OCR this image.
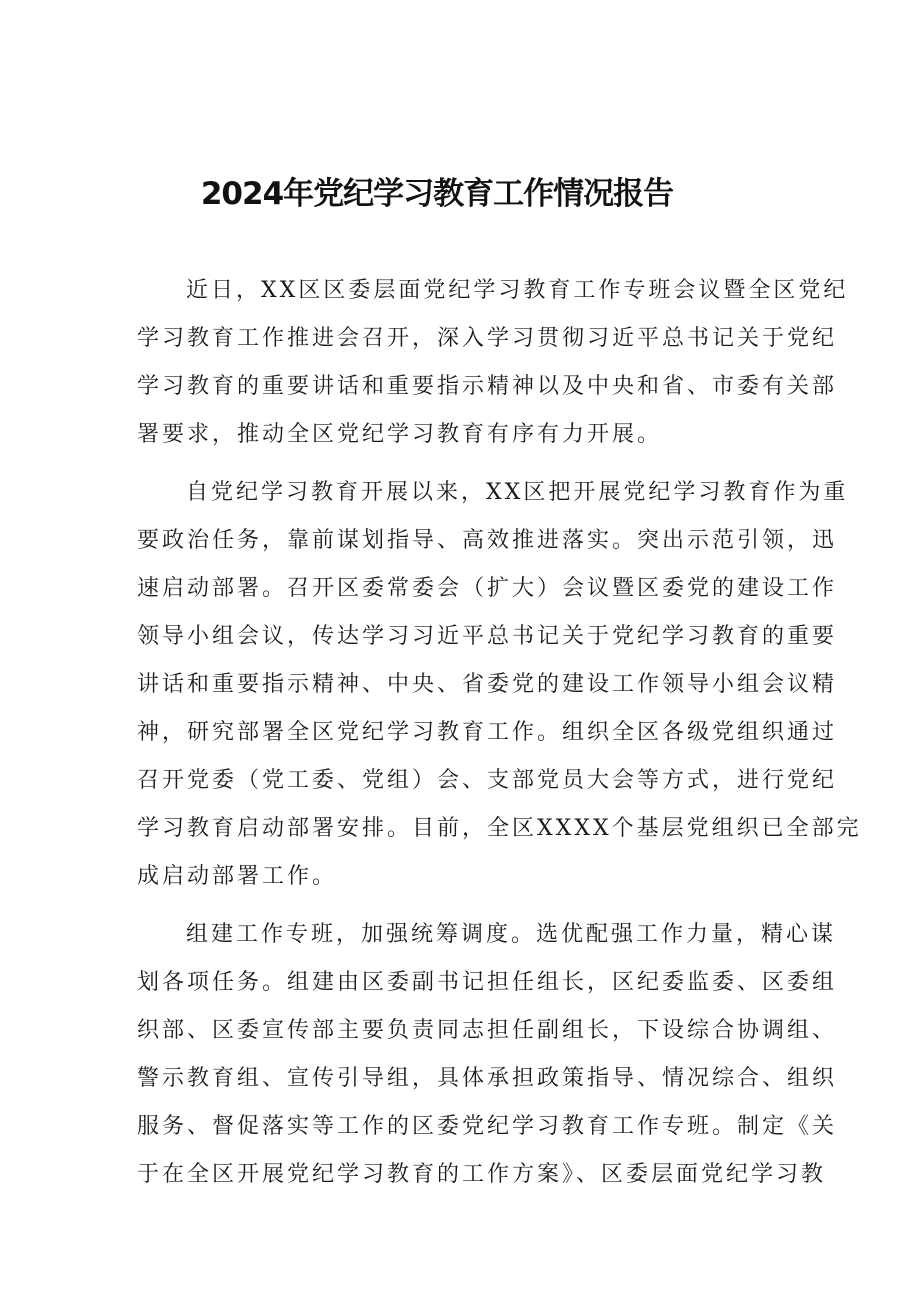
2024年党纪学习教育工作情况报告
近日，XX区区委层面党纪学习教育工作专班会议暨全区党纪
学习教育工作推进会召开，深入学习贯彻习近平总书记关于党纪
学习教育的重要讲话和重要指示精神以及中央和省、市委有关部
署要求，推动全区党纪学习教育有序有力开展。
自党纪学习教育开展以来，XX区把开展党纪学习教育作为重
要政治任务，靠前谋划指导、高效推进落实。突出示范引领，迅
速启动部署。召开区委常委会（扩大）会议暨区委党的建设工作
领导小组会议，传达学习习近平总书记关于党纪学习教育的重要
讲话和重要指示精神、中央、省委党的建设工作领导小组会议精
神，研究部署全区党纪学习教育工作。组织全区各级党组织通过
召开党委（党工委、党组）会、支部党员大会等方式，进行党纪
学习教育启动部署安排。目前，全区XXXX个基层党组织已全部完
成启动部署工作。
组建工作专班，加强统筹调度。选优配强工作力量，精心谋
划各项任务。组建由区委副书记担任组长，区纪委监委、区委组
织部、区委宣传部主要负责同志担任副组长，下设综合协调组、
警示教育组、宣传引导组，具体承担政策指导、情况综合、组织
服务、督促落实等工作的区委党纪学习教育工作专班。制定《关
于在全区开展党纪学习教育的工作方案》、区委层面党纪学习教
